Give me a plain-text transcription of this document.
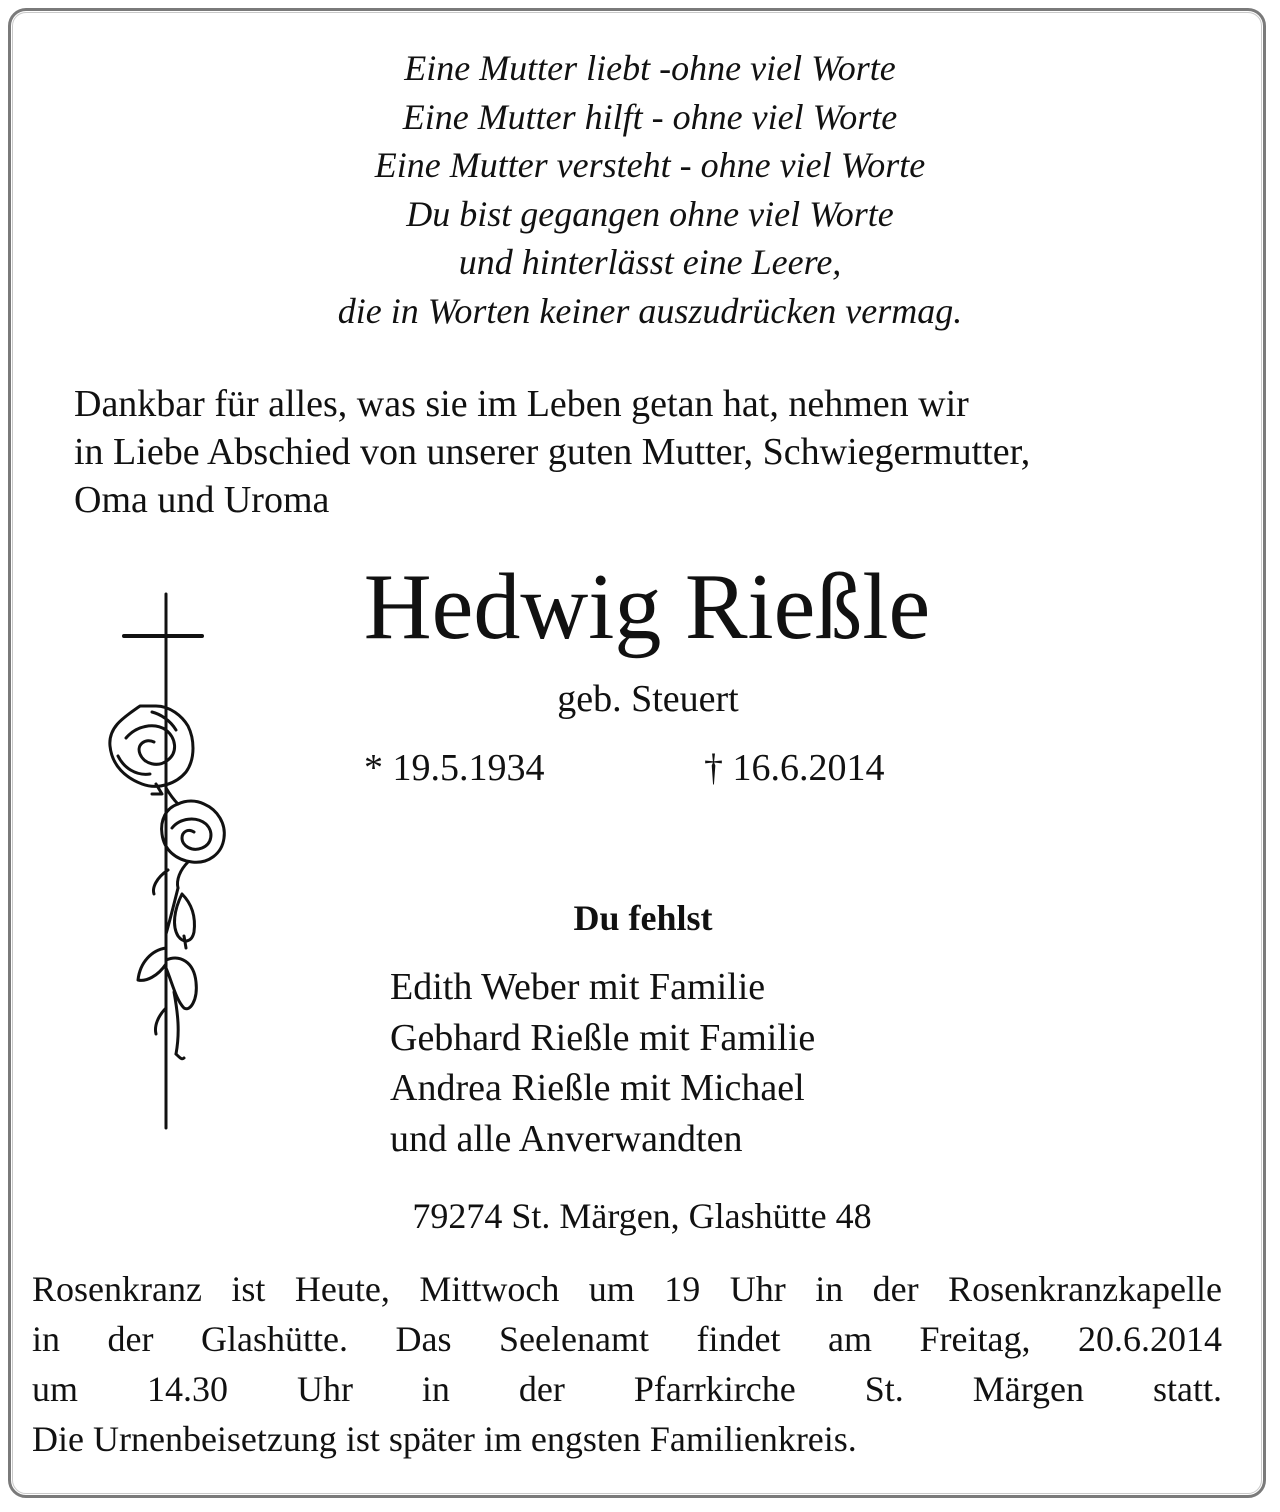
Eine Mutter liebt -ohne viel Worte
Eine Mutter hilft - ohne viel Worte
Eine Mutter versteht - ohne viel Worte
Du bist gegangen ohne viel Worte
und hinterlässt eine Leere,
die in Worten keiner auszudrücken vermag.
Dankbar für alles, was sie im Leben getan hat, nehmen wir
in Liebe Abschied von unserer guten Mutter, Schwiegermutter,
Oma und Uroma
Hedwig Rießle
geb. Steuert
* 19.5.1934	† 16.6.2014
Du fehlst
Edith Weber mit Familie
Gebhard Rießle mit Familie
Andrea Rießle mit Michael
und alle Anverwandten
79274 St. Märgen, Glashütte 48
Rosenkranz ist Heute, Mittwoch um 19 Uhr in der Rosenkranzkapelle
in der Glashütte. Das Seelenamt findet am Freitag, 20.6.2014
um 14.30 Uhr in der Pfarrkirche St. Märgen statt.
Die Urnenbeisetzung ist später im engsten Familienkreis.
